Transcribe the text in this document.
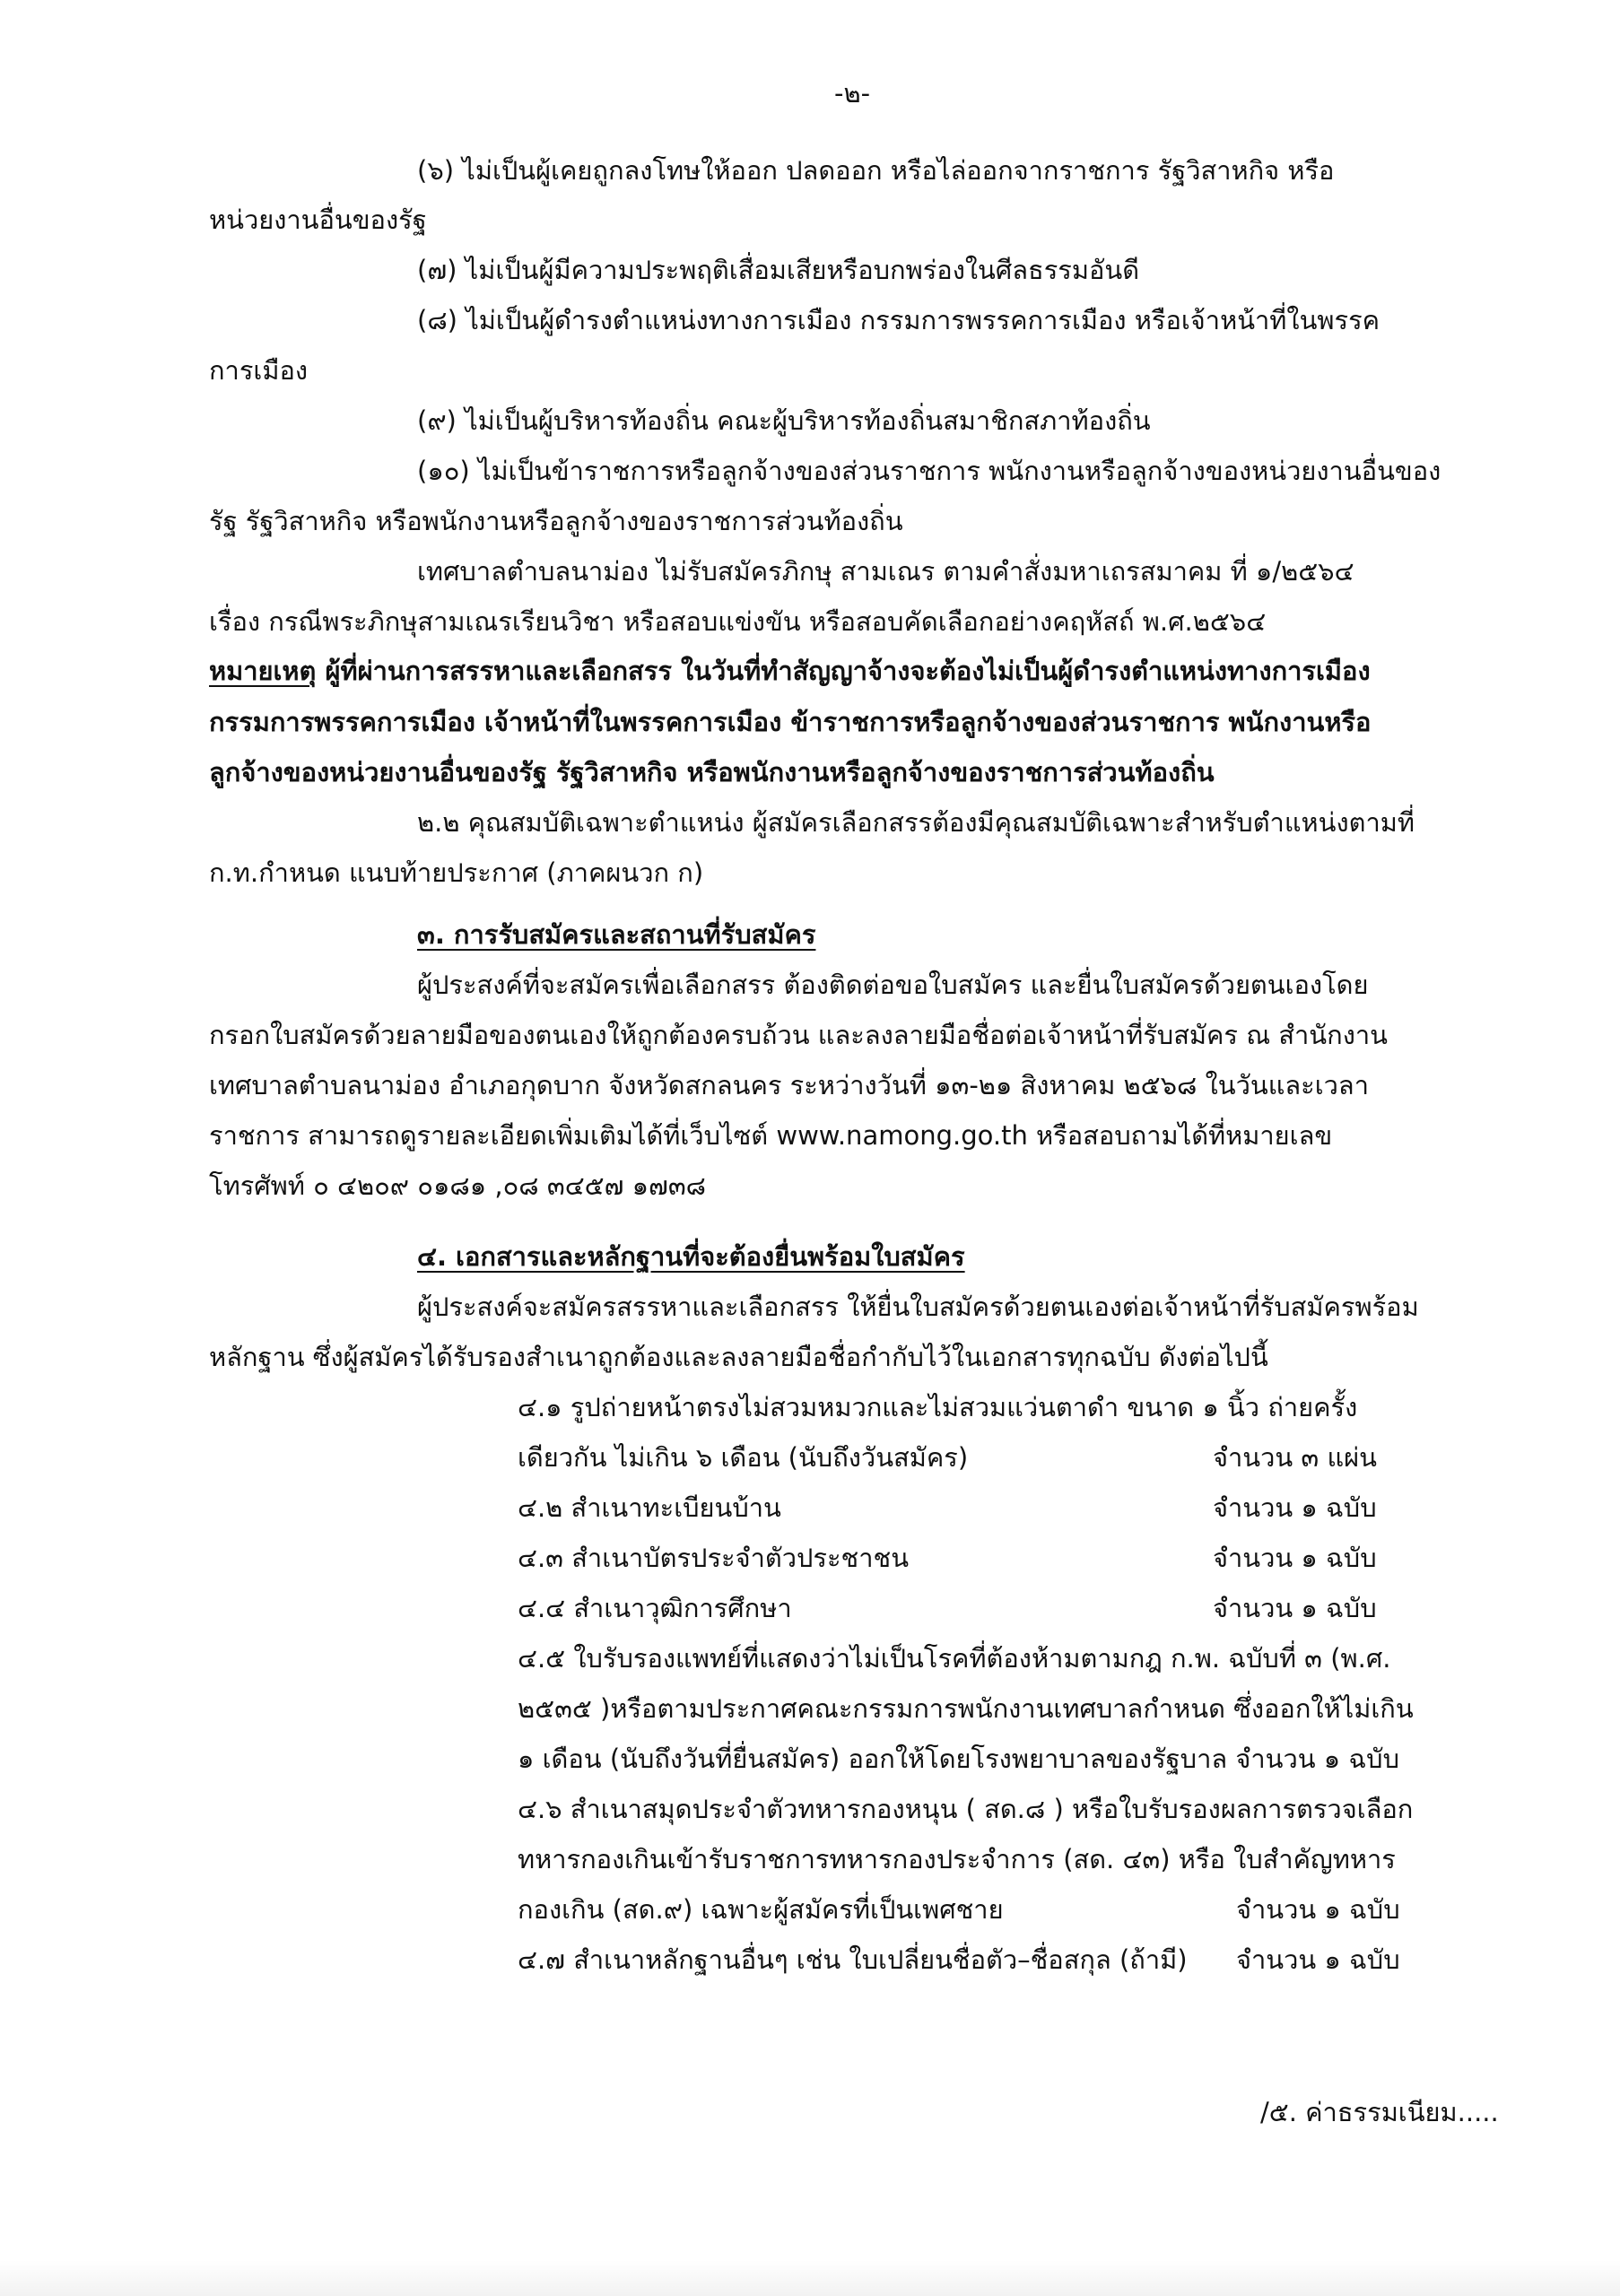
-๒-
(๖) ไม่เป็นผู้เคยถูกลงโทษให้ออก ปลดออก หรือไล่ออกจากราชการ รัฐวิสาหกิจ หรือ
หน่วยงานอื่นของรัฐ
(๗) ไม่เป็นผู้มีความประพฤติเสื่อมเสียหรือบกพร่องในศีลธรรมอันดี
(๘) ไม่เป็นผู้ดำรงตำแหน่งทางการเมือง กรรมการพรรคการเมือง หรือเจ้าหน้าที่ในพรรค
การเมือง
(๙) ไม่เป็นผู้บริหารท้องถิ่น คณะผู้บริหารท้องถิ่นสมาชิกสภาท้องถิ่น
(๑๐) ไม่เป็นข้าราชการหรือลูกจ้างของส่วนราชการ พนักงานหรือลูกจ้างของหน่วยงานอื่นของ
รัฐ รัฐวิสาหกิจ หรือพนักงานหรือลูกจ้างของราชการส่วนท้องถิ่น
เทศบาลตำบลนาม่อง ไม่รับสมัครภิกษุ สามเณร ตามคำสั่งมหาเถรสมาคม ที่ ๑/๒๕๖๔
เรื่อง กรณีพระภิกษุสามเณรเรียนวิชา หรือสอบแข่งขัน หรือสอบคัดเลือกอย่างคฤหัสถ์ พ.ศ.๒๕๖๔
หมายเหตุ ผู้ที่ผ่านการสรรหาและเลือกสรร ในวันที่ทำสัญญาจ้างจะต้องไม่เป็นผู้ดำรงตำแหน่งทางการเมือง
กรรมการพรรคการเมือง เจ้าหน้าที่ในพรรคการเมือง ข้าราชการหรือลูกจ้างของส่วนราชการ พนักงานหรือ
ลูกจ้างของหน่วยงานอื่นของรัฐ รัฐวิสาหกิจ หรือพนักงานหรือลูกจ้างของราชการส่วนท้องถิ่น
๒.๒ คุณสมบัติเฉพาะตำแหน่ง ผู้สมัครเลือกสรรต้องมีคุณสมบัติเฉพาะสำหรับตำแหน่งตามที่
ก.ท.กำหนด แนบท้ายประกาศ (ภาคผนวก ก)
๓. การรับสมัครและสถานที่รับสมัคร
ผู้ประสงค์ที่จะสมัครเพื่อเลือกสรร ต้องติดต่อขอใบสมัคร และยื่นใบสมัครด้วยตนเองโดย
กรอกใบสมัครด้วยลายมือของตนเองให้ถูกต้องครบถ้วน และลงลายมือชื่อต่อเจ้าหน้าที่รับสมัคร ณ สำนักงาน
เทศบาลตำบลนาม่อง อำเภอกุดบาก จังหวัดสกลนคร ระหว่างวันที่ ๑๓-๒๑ สิงหาคม ๒๕๖๘ ในวันและเวลา
ราชการ สามารถดูรายละเอียดเพิ่มเติมได้ที่เว็บไซต์ www.namong.go.th หรือสอบถามได้ที่หมายเลข
โทรศัพท์ ๐ ๔๒๐๙ ๐๑๘๑ ,๐๘ ๓๔๕๗ ๑๗๓๘
๔. เอกสารและหลักฐานที่จะต้องยื่นพร้อมใบสมัคร
ผู้ประสงค์จะสมัครสรรหาและเลือกสรร ให้ยื่นใบสมัครด้วยตนเองต่อเจ้าหน้าที่รับสมัครพร้อม
หลักฐาน ซึ่งผู้สมัครได้รับรองสำเนาถูกต้องและลงลายมือชื่อกำกับไว้ในเอกสารทุกฉบับ ดังต่อไปนี้
๔.๑ รูปถ่ายหน้าตรงไม่สวมหมวกและไม่สวมแว่นตาดำ ขนาด ๑ นิ้ว ถ่ายครั้ง
เดียวกัน ไม่เกิน ๖ เดือน (นับถึงวันสมัคร)	จำนวน ๓ แผ่น
๔.๒ สำเนาทะเบียนบ้าน	จำนวน ๑ ฉบับ
๔.๓ สำเนาบัตรประจำตัวประชาชน	จำนวน ๑ ฉบับ
๔.๔ สำเนาวุฒิการศึกษา	จำนวน ๑ ฉบับ
๔.๕ ใบรับรองแพทย์ที่แสดงว่าไม่เป็นโรคที่ต้องห้ามตามกฎ ก.พ. ฉบับที่ ๓ (พ.ศ.
๒๕๓๕ )หรือตามประกาศคณะกรรมการพนักงานเทศบาลกำหนด ซึ่งออกให้ไม่เกิน
๑ เดือน (นับถึงวันที่ยื่นสมัคร) ออกให้โดยโรงพยาบาลของรัฐบาล จำนวน ๑ ฉบับ
๔.๖ สำเนาสมุดประจำตัวทหารกองหนุน ( สด.๘ ) หรือใบรับรองผลการตรวจเลือก
ทหารกองเกินเข้ารับราชการทหารกองประจำการ (สด. ๔๓) หรือ ใบสำคัญทหาร
กองเกิน (สด.๙) เฉพาะผู้สมัครที่เป็นเพศชาย	จำนวน ๑ ฉบับ
๔.๗ สำเนาหลักฐานอื่นๆ เช่น ใบเปลี่ยนชื่อตัว–ชื่อสกุล (ถ้ามี) จำนวน ๑ ฉบับ
/๕. ค่าธรรมเนียม.....
